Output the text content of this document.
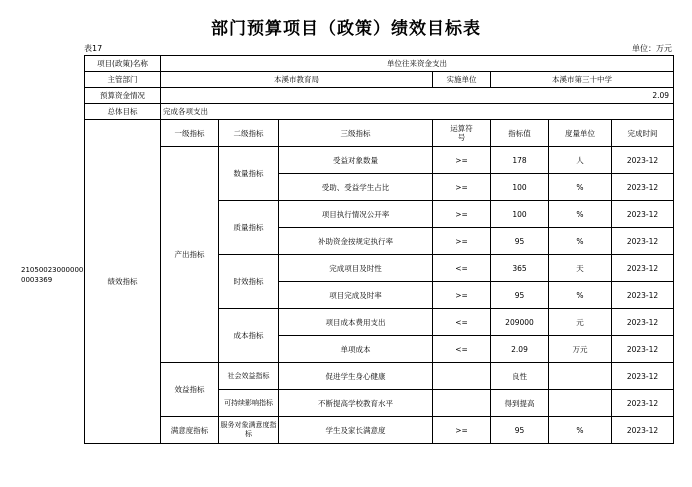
部门预算项目（政策）绩效目标表
表17	单位：万元
210500230000000003369
项目(政策)名称	单位往来资金支出						
主管部门	本溪市教育局			实施单位	本溪市第三十中学		
预算资金情况	2.09						
总体目标	完成各项支出						
绩效指标	一级指标	二级指标	三级指标	运算符号	指标值	度量单位	完成时间
	产出指标	数量指标	受益对象数量	>=	178	人	2023-12
			受助、受益学生占比	>=	100	%	2023-12
		质量指标	项目执行情况公开率	>=	100	%	2023-12
			补助资金按规定执行率	>=	95	%	2023-12
		时效指标	完成项目及时性	<=	365	天	2023-12
			项目完成及时率	>=	95	%	2023-12
		成本指标	项目成本费用支出	<=	209000	元	2023-12
			单项成本	<=	2.09	万元	2023-12
	效益指标	社会效益指标	促进学生身心健康		良性		2023-12
		可持续影响指标	不断提高学校教育水平		得到提高		2023-12
	满意度指标	服务对象满意度指标	学生及家长满意度	>=	95	%	2023-12
